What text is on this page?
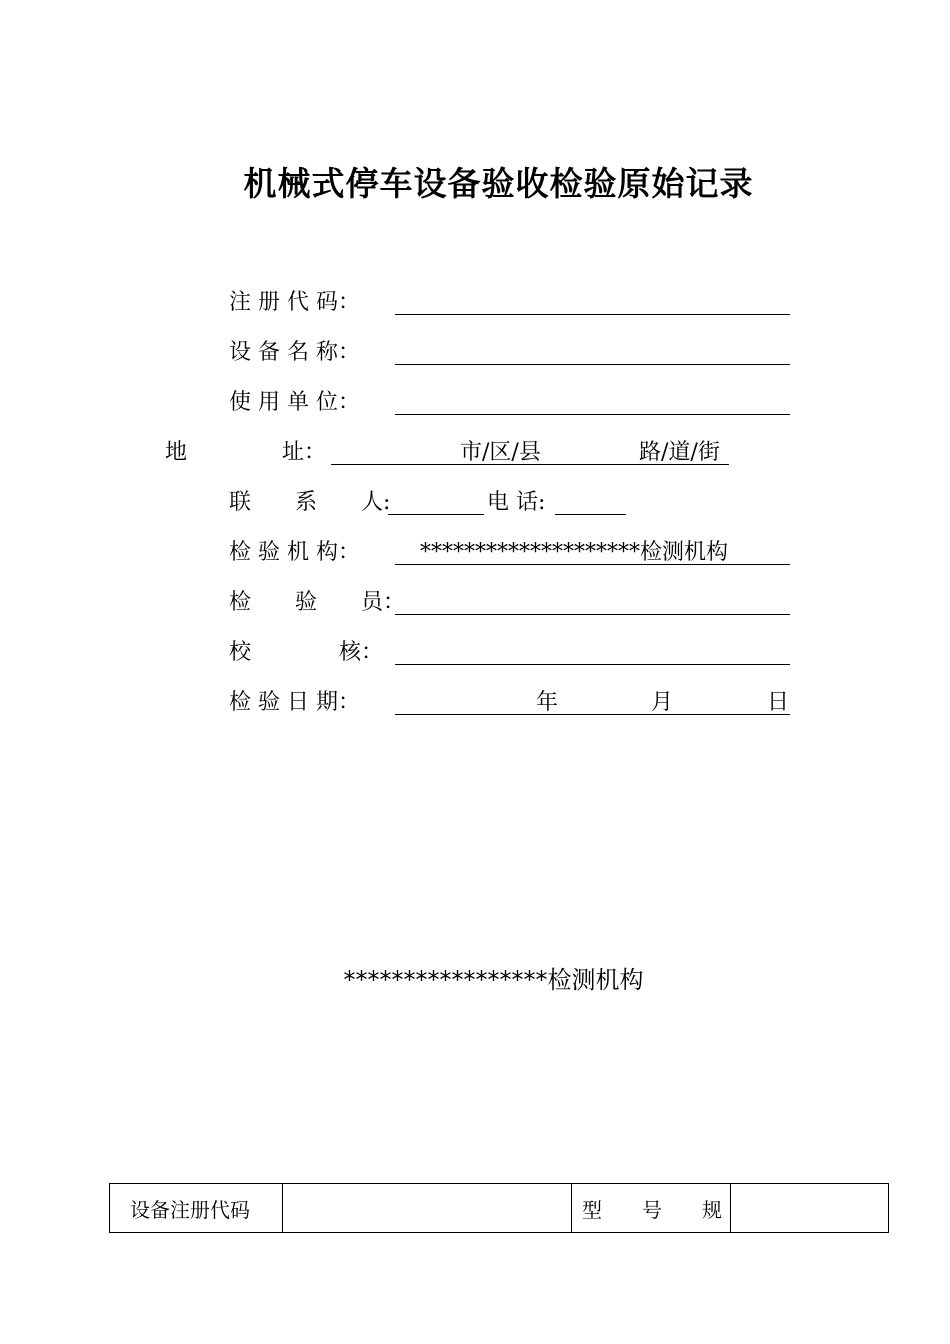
机械式停车设备验收检验原始记录
注 册 代 码：
设 备 名 称：
使 用 单 位：
地	址：	市/区/县	路/道/街
联　　系　　人:	电 话:
检 验 机 构：	********************检测机构
检　　验　　员：
校　　　　核：
检 验 日 期：	年	月	日
*****************检测机构
设备注册代码		型　　号　　规	
